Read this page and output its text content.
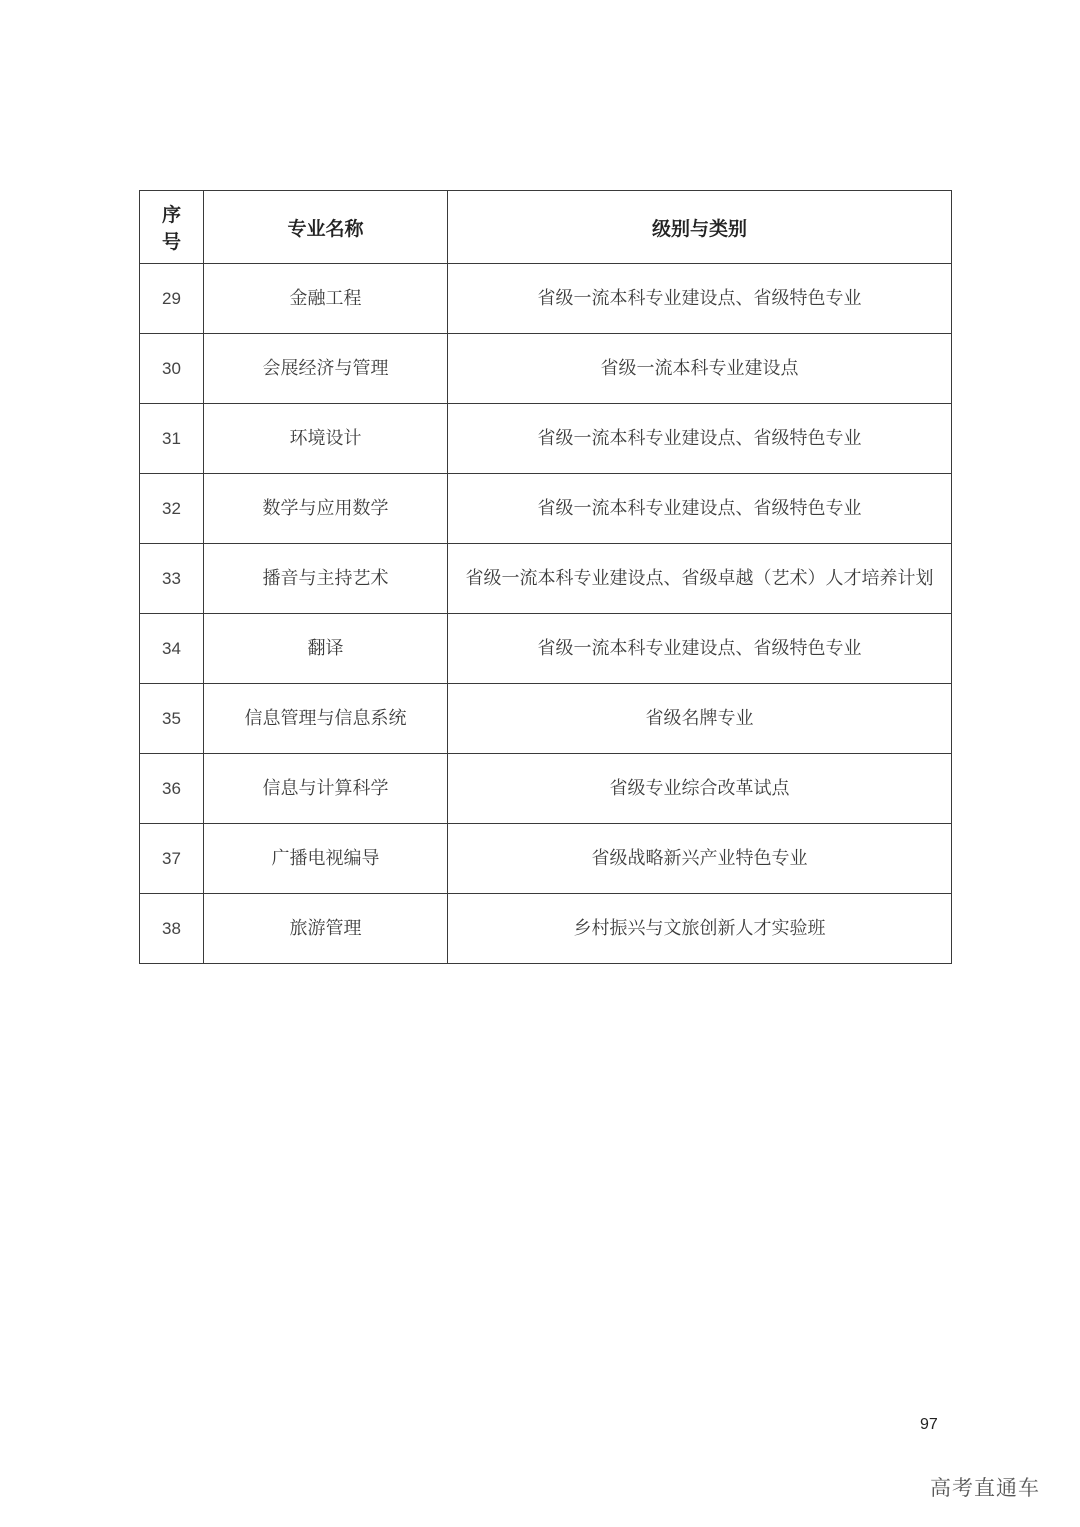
序号	专业名称	级别与类别
29	金融工程	省级一流本科专业建设点、省级特色专业
30	会展经济与管理	省级一流本科专业建设点
31	环境设计	省级一流本科专业建设点、省级特色专业
32	数学与应用数学	省级一流本科专业建设点、省级特色专业
33	播音与主持艺术	省级一流本科专业建设点、省级卓越（艺术）人才培养计划
34	翻译	省级一流本科专业建设点、省级特色专业
35	信息管理与信息系统	省级名牌专业
36	信息与计算科学	省级专业综合改革试点
37	广播电视编导	省级战略新兴产业特色专业
38	旅游管理	乡村振兴与文旅创新人才实验班
97
高考直通车
